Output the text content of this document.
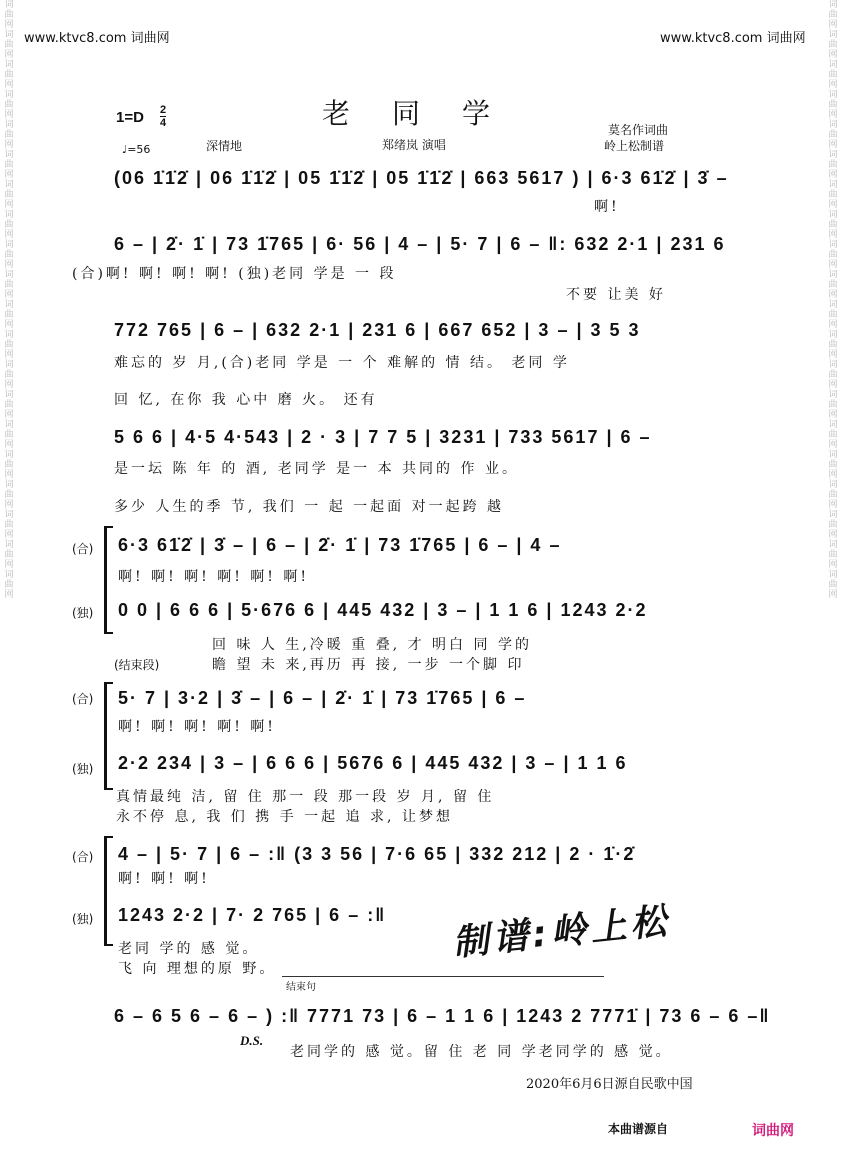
词曲网词曲网词曲网词曲网词曲网词曲网词曲网词曲网词曲网词曲网词曲网词曲网词曲网词曲网词曲网词曲网词曲网词曲网词曲网词曲网
词曲网词曲网词曲网词曲网词曲网词曲网词曲网词曲网词曲网词曲网词曲网词曲网词曲网词曲网词曲网词曲网词曲网词曲网词曲网词曲网
www.ktvc8.com 词曲网	www.ktvc8.com 词曲网
老同学
$1=D \frac{2}{4}$
♩=56	深情地	郑绪岚 演唱
莫名作词曲
岭上松制谱
(06 1̇1̇2̇ | 06 1̇1̇2̇ | 05 1̇1̇2̇ | 05 1̇1̇2̇ | 663 5617 ) | 6·3 61̇2̇ | 3̇ –
啊!
6 – | 2̇· 1̇ | 73 1̇765 | 6· 56 | 4 – | 5· 7 | 6 – ‖: 632 2·1 | 231 6
(合)啊! 啊! 啊! 啊! (独)老同 学是 一 段
不要 让美 好
772 765 | 6 – | 632 2·1 | 231 6 | 667 652 | 3 – | 3 5 3
难忘的 岁 月,(合)老同 学是 一 个 难解的 情 结。 老同 学
回 忆, 在你 我 心中 磨 火。 还有
5 6 6 | 4·5 4·543 | 2 · 3 | 7 7 5 | 3231 | 733 5617 | 6 –
是一坛 陈 年 的 酒, 老同学 是一 本 共同的 作 业。
多少 人生的季 节, 我们 一 起 一起面 对一起跨 越
(合) 6·3 61̇2̇ | 3̇ – | 6 – | 2̇· 1̇ | 73 1̇765 | 6 – | 4 –
啊! 啊! 啊! 啊! 啊! 啊!
(独) 0 0 | 6 6 6 | 5·676 6 | 445 432 | 3 – | 1 1 6 | 1243 2·2
回 味 人 生,冷暖 重 叠, 才 明白 同 学的
(结束段)	瞻 望 未 来,再历 再 接, 一步 一个脚 印
(合) 5· 7 | 3·2 | 3̇ – | 6 – | 2̇· 1̇ | 73 1̇765 | 6 –
啊! 啊! 啊! 啊! 啊!
(独) 2·2 234 | 3 – | 6 6 6 | 5676 6 | 445 432 | 3 – | 1 1 6
真情最纯 洁, 留 住 那一 段 那一段 岁 月, 留 住
永不停 息, 我 们 携 手 一起 追 求, 让梦想
(合) 4 – | 5· 7 | 6 – :‖ (3 3 56 | 7·6 65 | 332 212 | 2 · 1̇·2̇
啊! 啊! 啊!
(独) 1243 2·2 | 7· 2 765 | 6 – :‖
老同 学的 感 觉。
飞 向 理想的原 野。
制谱:岭上松
结束句
6 – 6 5 6 – 6 – ) :‖ 7771 73 | 6 – 1 1 6 | 1243 2 7771̇ | 73 6 – 6 –‖
D.S.
老同学的 感 觉。留 住 老 同 学老同学的 感 觉。
2020年6月6日源自民歌中国
本曲谱源自	词曲网
